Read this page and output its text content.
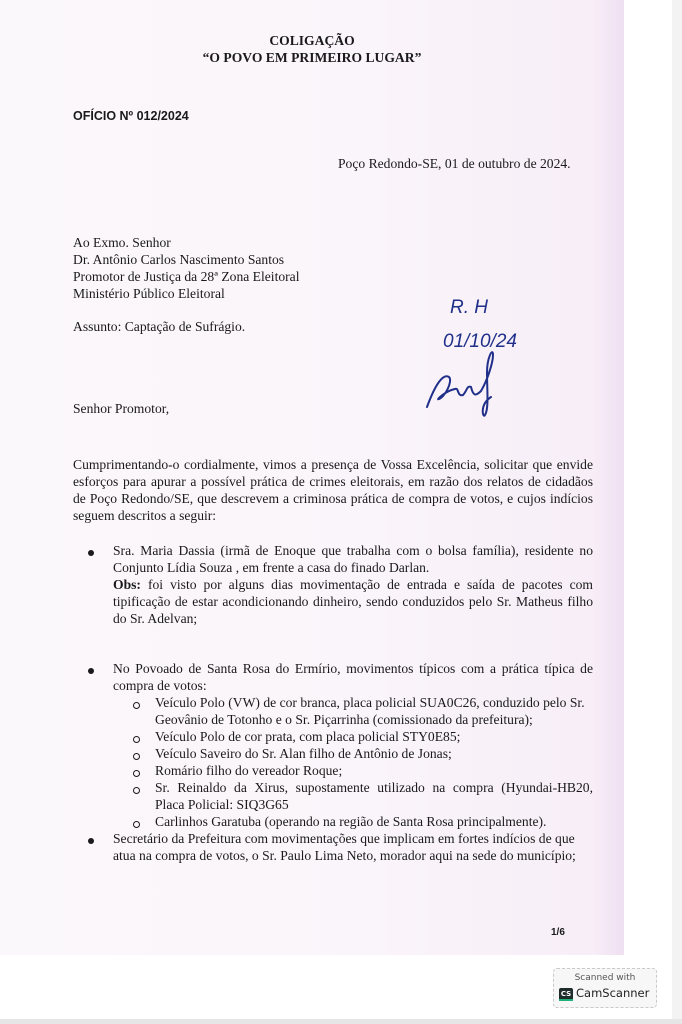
COLIGAÇÃO
“O POVO EM PRIMEIRO LUGAR”
OFÍCIO Nº 012/2024
Poço Redondo-SE, 01 de outubro de 2024.
Ao Exmo. Senhor
Dr. Antônio Carlos Nascimento Santos
Promotor de Justiça da 28ª Zona Eleitoral
Ministério Público Eleitoral
Assunto: Captação de Sufrágio.
R. H
01/10/24
Senhor Promotor,
Cumprimentando-o cordialmente, vimos a presença de Vossa Excelência, solicitar que envide
esforços para apurar a possível prática de crimes eleitorais, em razão dos relatos de cidadãos
de Poço Redondo/SE, que descrevem a criminosa prática de compra de votos, e cujos indícios
seguem descritos a seguir:
Sra. Maria Dassia (irmã de Enoque que trabalha com o bolsa família), residente no
Conjunto Lídia Souza , em frente a casa do finado Darlan.
Obs: foi visto por alguns dias movimentação de entrada e saída de pacotes com
tipificação de estar acondicionando dinheiro, sendo conduzidos pelo Sr. Matheus filho
do Sr. Adelvan;
No Povoado de Santa Rosa do Ermírio, movimentos típicos com a prática típica de
compra de votos:
Veículo Polo (VW) de cor branca, placa policial SUA0C26, conduzido pelo Sr.
Geovânio de Totonho e o Sr. Piçarrinha (comissionado da prefeitura);
Veículo Polo de cor prata, com placa policial STY0E85;
Veículo Saveiro do Sr. Alan filho de Antônio de Jonas;
Romário filho do vereador Roque;
Sr. Reinaldo da Xirus, supostamente utilizado na compra (Hyundai-HB20,
Placa Policial: SIQ3G65
Carlinhos Garatuba (operando na região de Santa Rosa principalmente).
Secretário da Prefeitura com movimentações que implicam em fortes indícios de que
atua na compra de votos, o Sr. Paulo Lima Neto, morador aqui na sede do município;
1/6
Scanned with
CS CamScanner
